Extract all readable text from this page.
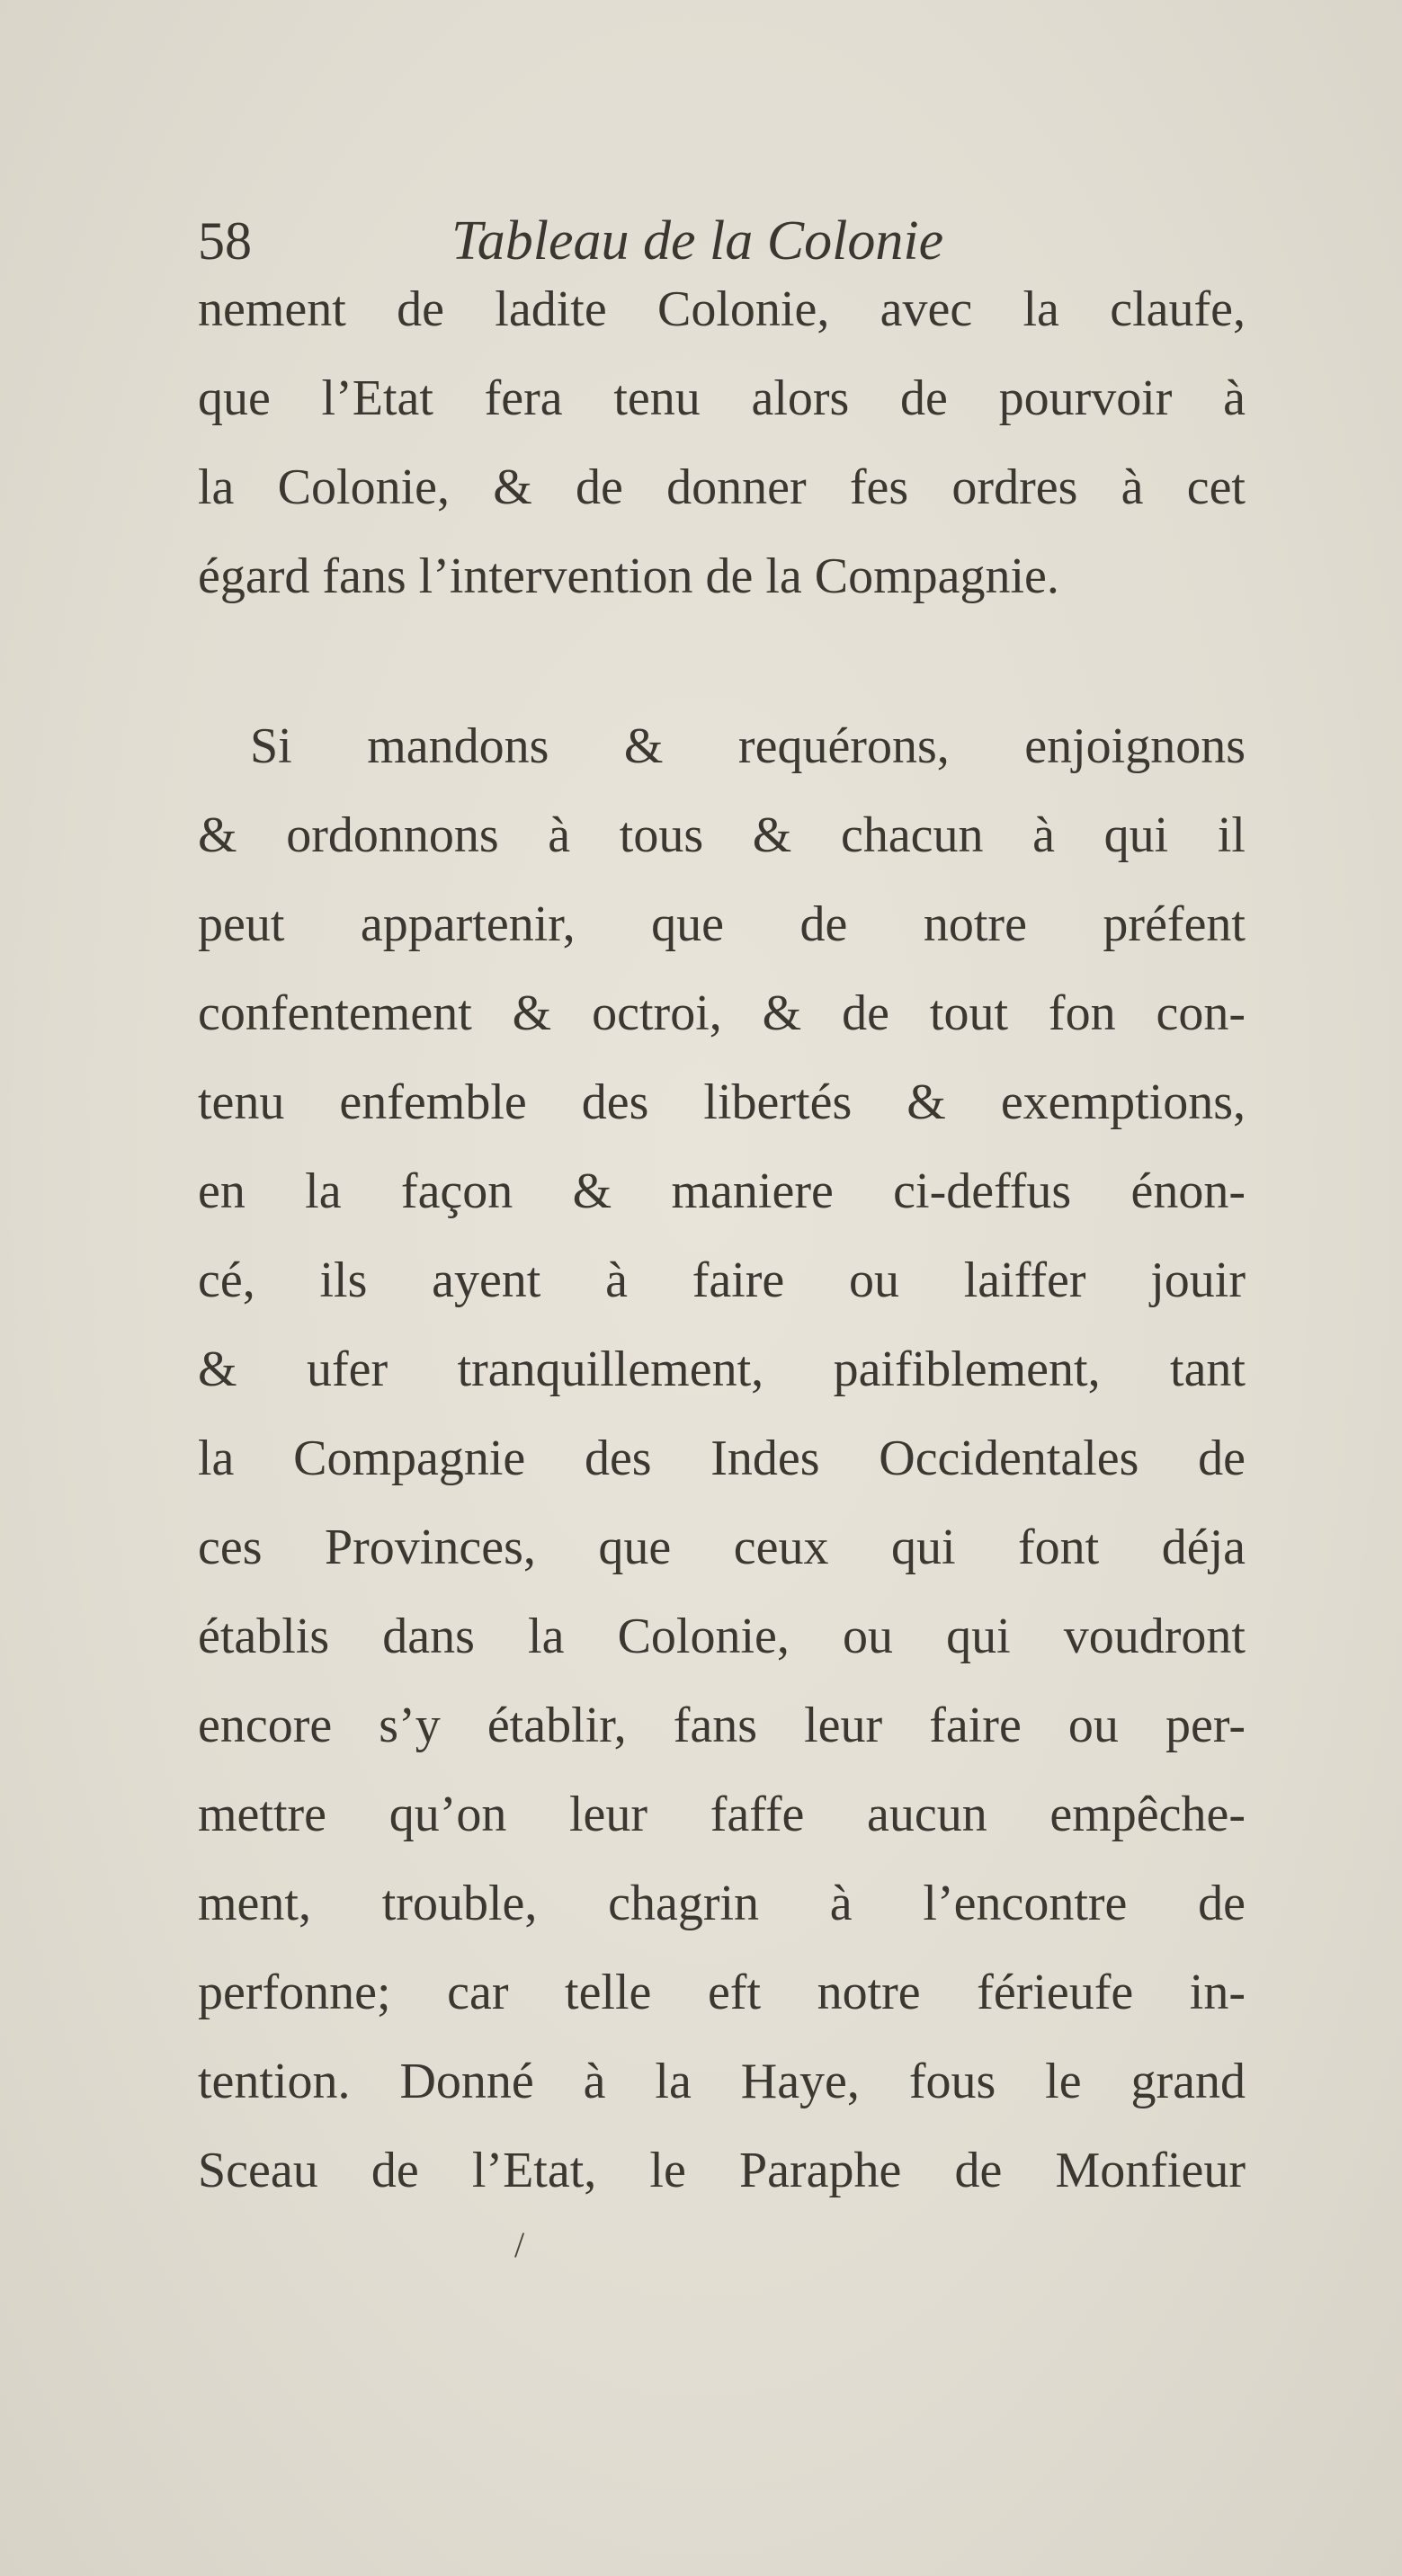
58	Tableau de la Colonie
nement de ladite Colonie, avec la claufe,
que l’Etat fera tenu alors de pourvoir à
la Colonie, & de donner fes ordres à cet
égard fans l’intervention de la Compagnie.
Si mandons & requérons, enjoignons
& ordonnons à tous & chacun à qui il
peut appartenir, que de notre préfent
confentement & octroi, & de tout fon con-
tenu enfemble des libertés & exemptions,
en la façon & maniere ci-deffus énon-
cé, ils ayent à faire ou laiffer jouir
& ufer tranquillement, paifiblement, tant
la Compagnie des Indes Occidentales de
ces Provinces, que ceux qui font déja
établis dans la Colonie, ou qui voudront
encore s’y établir, fans leur faire ou per-
mettre qu’on leur faffe aucun empêche-
ment, trouble, chagrin à l’encontre de
perfonne; car telle eft notre férieufe in-
tention. Donné à la Haye, fous le grand
Sceau de l’Etat, le Paraphe de Monfieur
/
